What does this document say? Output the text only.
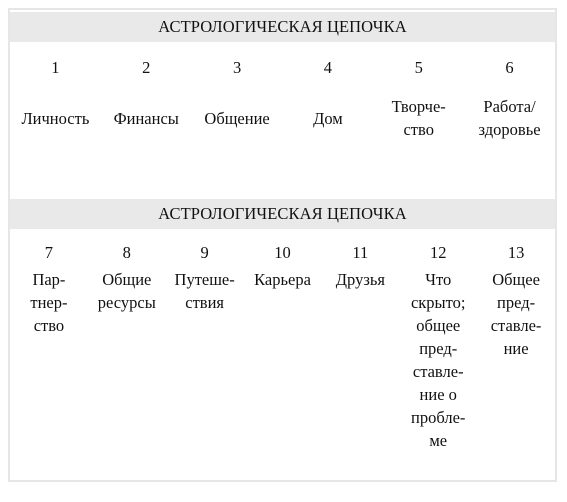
АСТРОЛОГИЧЕСКАЯ ЦЕПОЧКА
1
Личность
2
Финансы
3
Общение
4
Дом
5
Творче-
ство
6
Работа/
здоровье
АСТРОЛОГИЧЕСКАЯ ЦЕПОЧКА
7
Пар-
тнер-
ство
8
Общие
ресурсы
9
Путеше-
ствия
10
Карьера
11
Друзья
12
Что
скрыто;
общее
пред-
ставле-
ние о
пробле-
ме
13
Общее
пред-
ставле-
ние
